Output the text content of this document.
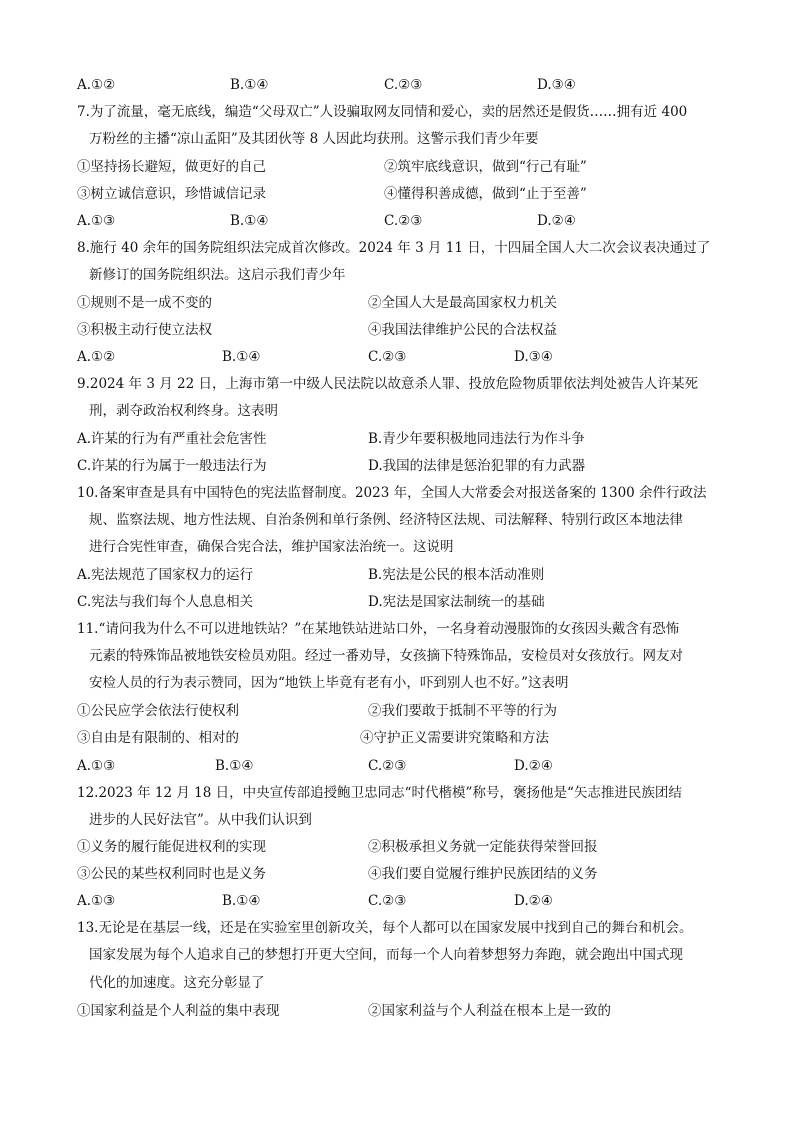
A.①②	B.①④	C.②③	D.③④
7.为了流量，毫无底线，编造“父母双亡”人设骗取网友同情和爱心，卖的居然还是假货……拥有近 400
万粉丝的主播“凉山孟阳”及其团伙等 8 人因此均获刑。这警示我们青少年要
①坚持扬长避短，做更好的自己	②筑牢底线意识，做到“行己有耻”
③树立诚信意识，珍惜诚信记录	④懂得积善成德，做到“止于至善”
A.①③	B.①④	C.②③	D.②④
8.施行 40 余年的国务院组织法完成首次修改。2024 年 3 月 11 日，十四届全国人大二次会议表决通过了
新修订的国务院组织法。这启示我们青少年
①规则不是一成不变的	②全国人大是最高国家权力机关
③积极主动行使立法权	④我国法律维护公民的合法权益
A.①②	B.①④	C.②③	D.③④
9.2024 年 3 月 22 日，上海市第一中级人民法院以故意杀人罪、投放危险物质罪依法判处被告人许某死
刑，剥夺政治权利终身。这表明
A.许某的行为有严重社会危害性	B.青少年要积极地同违法行为作斗争
C.许某的行为属于一般违法行为	D.我国的法律是惩治犯罪的有力武器
10.备案审查是具有中国特色的宪法监督制度。2023 年，全国人大常委会对报送备案的 1300 余件行政法
规、监察法规、地方性法规、自治条例和单行条例、经济特区法规、司法解释、特别行政区本地法律
进行合宪性审查，确保合宪合法，维护国家法治统一。这说明
A.宪法规范了国家权力的运行	B.宪法是公民的根本活动准则
C.宪法与我们每个人息息相关	D.宪法是国家法制统一的基础
11.“请问我为什么不可以进地铁站？”在某地铁站进站口外，一名身着动漫服饰的女孩因头戴含有恐怖
元素的特殊饰品被地铁安检员劝阻。经过一番劝导，女孩摘下特殊饰品，安检员对女孩放行。网友对
安检人员的行为表示赞同，因为“地铁上毕竟有老有小，吓到别人也不好。”这表明
①公民应学会依法行使权利	②我们要敢于抵制不平等的行为
③自由是有限制的、相对的	④守护正义需要讲究策略和方法
A.①③	B.①④	C.②③	D.②④
12.2023 年 12 月 18 日，中央宣传部追授鲍卫忠同志“时代楷模”称号，褒扬他是“矢志推进民族团结
进步的人民好法官”。从中我们认识到
①义务的履行能促进权利的实现	②积极承担义务就一定能获得荣誉回报
③公民的某些权利同时也是义务	④我们要自觉履行维护民族团结的义务
A.①③	B.①④	C.②③	D.②④
13.无论是在基层一线，还是在实验室里创新攻关，每个人都可以在国家发展中找到自己的舞台和机会。
国家发展为每个人追求自己的梦想打开更大空间，而每一个人向着梦想努力奔跑，就会跑出中国式现
代化的加速度。这充分彰显了
①国家利益是个人利益的集中表现	②国家利益与个人利益在根本上是一致的
